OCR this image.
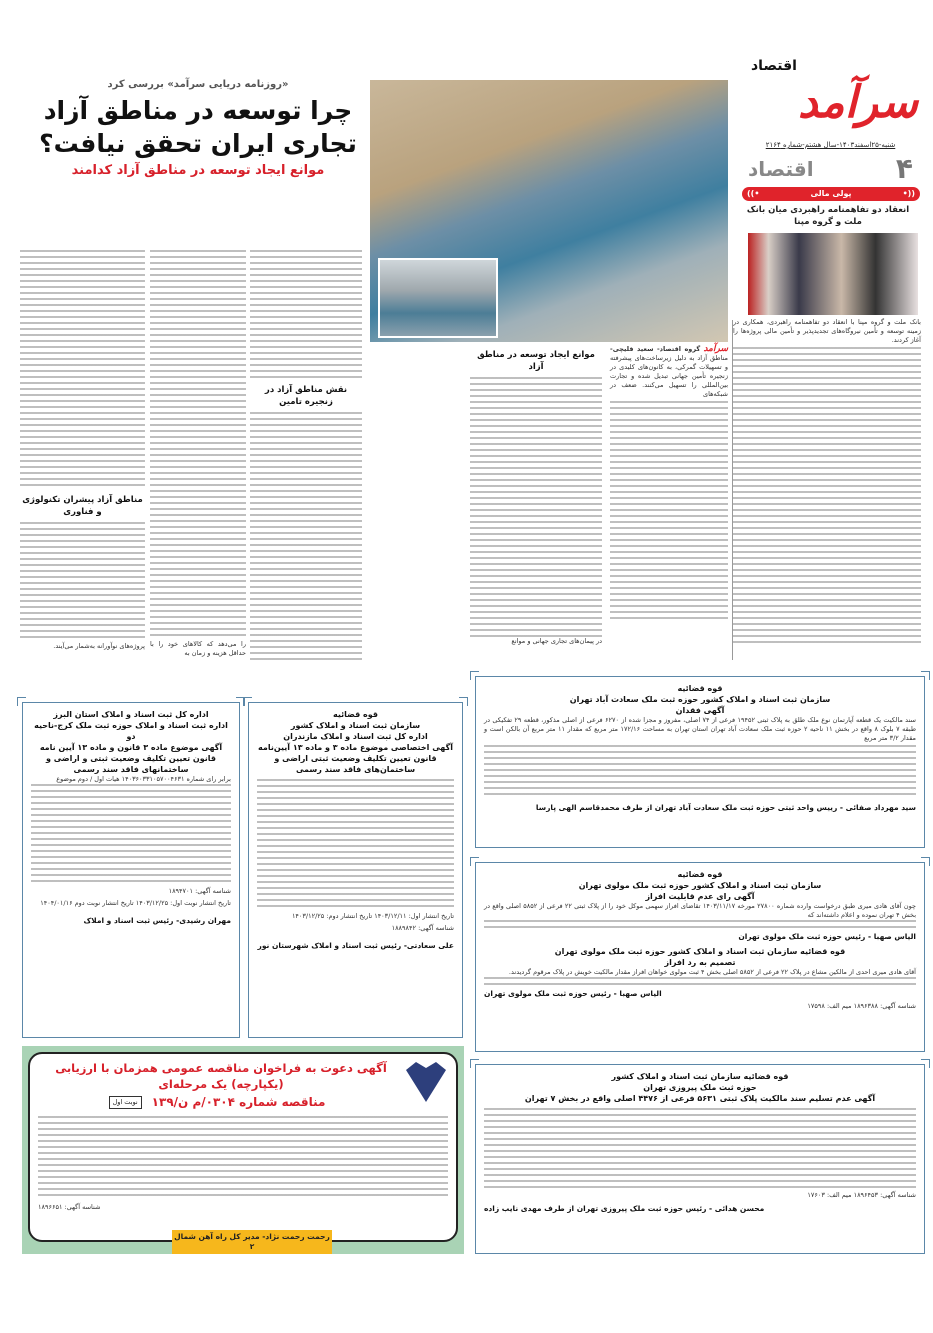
اقتصاد
سرآمد
شنبه-۲۵اسفند۱۴۰۳-سال هشتم-شماره ۲۱۶۴
۴
اقتصاد
((•
پولی مالی
•))
انعقاد دو تفاهمنامه راهبردی میان بانک ملت و گروه مپنا
بانک ملت و گروه مپنا با انعقاد دو تفاهمنامه راهبردی، همکاری در زمینه توسعه و تأمین نیروگاه‌های تجدیدپذیر و تأمین مالی پروژه‌ها را آغاز کردند.
«روزنامه دریایی سرآمد» بررسی کرد
چرا توسعه در مناطق آزاد تجاری ایران تحقق نیافت؟
موانع ایجاد توسعه در مناطق آزاد کدامند
سرآمد گروه اقتصاد- سعید قلیچی- مناطق آزاد به دلیل زیرساخت‌های پیشرفته و تسهیلات گمرکی، به کانون‌های کلیدی در زنجیره تأمین جهانی تبدیل شده و تجارت بین‌المللی را تسهیل می‌کنند. ضعف در شبکه‌های
موانع ایجاد توسعه در مناطق آزاد
در پیمان‌های تجاری جهانی و موانع
نقش مناطق آزاد در زنجیره تامین
را می‌دهد که کالاهای خود را با حداقل هزینه و زمان به
مناطق آزاد پیشران تکنولوژی و فناوری
پروژه‌های نوآورانه به‌شمار می‌آیند.
قوه قضائیه
سازمان ثبت اسناد و املاک کشور حوزه ثبت ملک سعادت آباد تهران
آگهی فقدان
سند مالکیت یک قطعه آپارتمان نوع ملک طلق به پلاک ثبتی ۱۹۴۵۲ فرعی از ۷۴ اصلی، مفروز و مجزا شده از ۶۲۷۰ فرعی از اصلی مذکور، قطعه ۲۹ تفکیکی در طبقه ۷ بلوک ۸ واقع در بخش ۱۱ ناحیه ۲ حوزه ثبت ملک سعادت آباد تهران استان تهران به مساحت ۱۷۲/۱۶ متر مربع که مقدار ۱۱ متر مربع آن بالکن است و مقدار ۳/۲ متر مربع
سید مهرداد صفائی - رییس واحد ثبتی حوزه ثبت ملک سعادت آباد تهران از طرف محمدقاسم الهی پارسا
قوه قضائیه
سازمان ثبت اسناد و املاک کشور حوزه ثبت ملک مولوی تهران
آگهی رای عدم قابلیت افراز
چون آقای هادی میری طبق درخواست وارده شماره ۲۷۸۰۰ مورخه ۱۴۰۳/۱۱/۱۷ تقاضای افراز سهمی موکل خود را از پلاک ثبتی ۲۲ فرعی از ۵۸۵۲ اصلی واقع در بخش ۴ تهران نموده و اعلام داشته‌اند که
الیاس صهبا - رئیس حوزه ثبت ملک مولوی تهران
قوه قضائیه سازمان ثبت اسناد و املاک کشور حوزه ثبت ملک مولوی تهران
تصمیم به رد افراز
آقای هادی میری احدی از مالکین مشاع در پلاک ۲۲ فرعی از ۵۸۵۲ اصلی بخش ۴ ثبت مولوی خواهان افراز مقدار مالکیت خویش در پلاک مرقوم گردیدند.
الیاس صهبا - رئیس حوزه ثبت ملک مولوی تهران
شناسه آگهی: ۱۸۹۶۳۸۸ میم الف: ۱۷۵۹۸
قوه قضائیه سازمان ثبت اسناد و املاک کشور
حوزه ثبت ملک پیروزی تهران
آگهی عدم تسلیم سند مالکیت پلاک ثبتی ۵۶۳۱ فرعی از ۴۴۷۶ اصلی واقع در بخش ۷ تهران
شناسه آگهی: ۱۸۹۶۴۵۳ میم الف: ۱۷۶۰۳
محسن هدائی - رئیس حوزه ثبت ملک پیروزی تهران از طرف مهدی نایب زاده
قوه قضائیه
سازمان ثبت اسناد و املاک کشور
اداره کل ثبت اسناد و املاک مازندران
آگهی اختصاصی موضوع ماده ۳ و ماده ۱۳ آیین‌نامه قانون تعیین تکلیف وضعیت ثبتی اراضی و ساختمان‌های فاقد سند رسمی
تاریخ انتشار اول: ۱۴۰۳/۱۲/۱۱ تاریخ انتشار دوم: ۱۴۰۳/۱۲/۲۵
شناسه آگهی: ۱۸۸۹۸۴۲
علی سعادتی- رئیس ثبت اسناد و املاک شهرستان نور
اداره کل ثبت اسناد و املاک استان البرز
اداره ثبت اسناد و املاک حوزه ثبت ملک کرج-ناحیه دو
آگهی موضوع ماده ۳ قانون و ماده ۱۳ آیین نامه قانون تعیین تکلیف وضعیت ثبتی و اراضی و ساختمانهای فاقد سند رسمی
برابر رای شماره ۱۴۰۳۶۰۳۳۱۰۵۷۰۰۴۶۳۱ هیات اول / دوم موضوع
شناسه آگهی: ۱۸۹۴۷۰۱
تاریخ انتشار نوبت اول: ۱۴۰۳/۱۲/۲۵ تاریخ انتشار نوبت دوم ۱۴۰۴/۰۱/۱۶
مهران رشیدی- رئیس ثبت اسناد و املاک
آگهی دعوت به فراخوان مناقصه عمومی همزمان با ارزیابی (یکپارچه) یک مرحله‌ای
مناقصه شماره ۰۳۰۴/م ن/۱۳۹
نوبت اول
شناسه آگهی: ۱۸۹۶۶۵۱
رحمت رحمت نژاد- مدیر کل راه آهن شمال ۲
